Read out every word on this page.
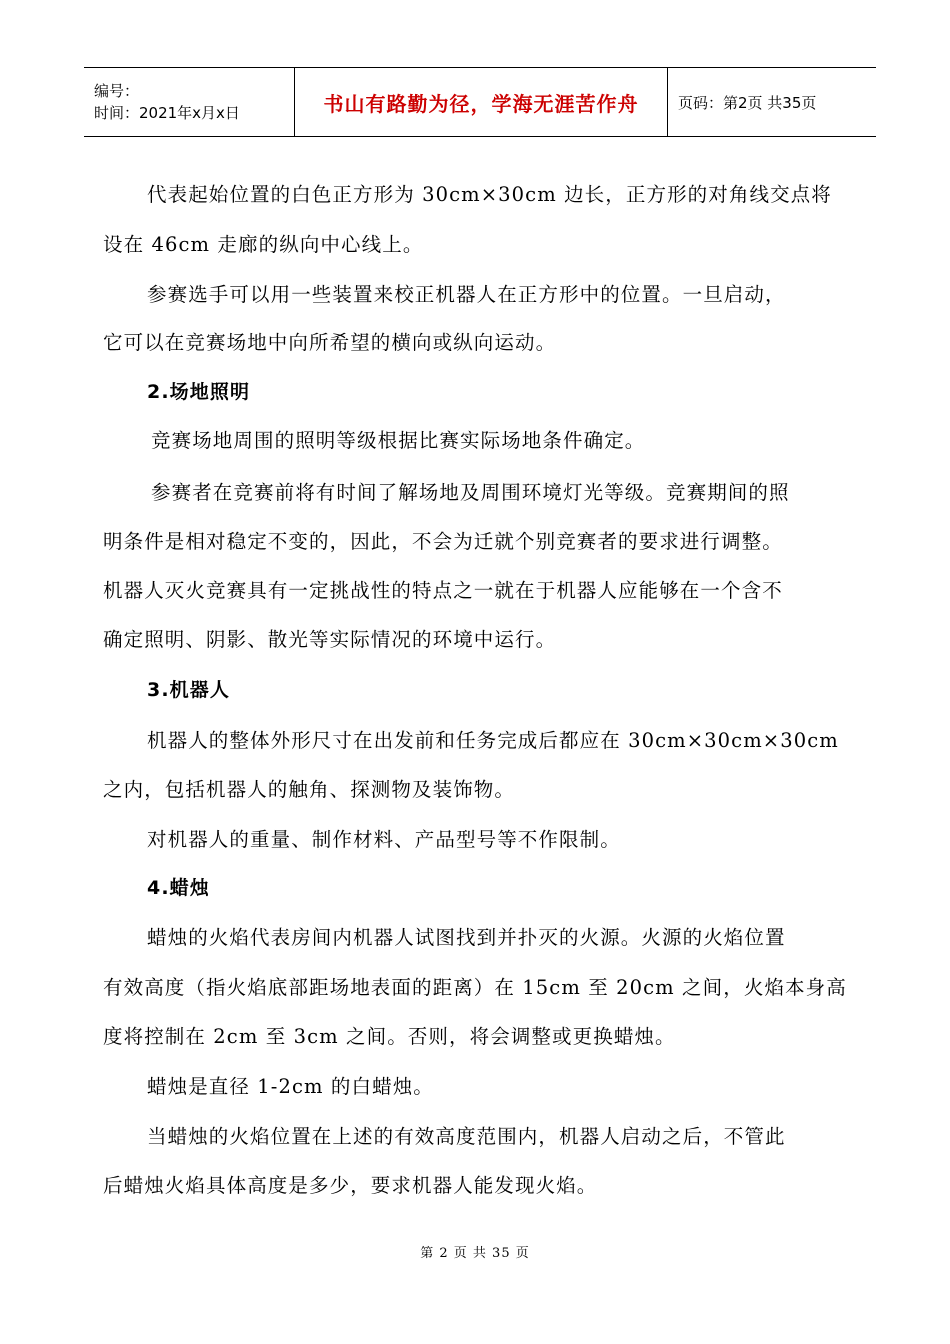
编号：
时间：2021年x月x日	书山有路勤为径，学海无涯苦作舟	页码：第2页 共35页
代表起始位置的白色正方形为 30cm×30cm 边长，正方形的对角线交点将
设在 46cm 走廊的纵向中心线上。
参赛选手可以用一些装置来校正机器人在正方形中的位置。一旦启动，
它可以在竞赛场地中向所希望的横向或纵向运动。
2.场地照明
竞赛场地周围的照明等级根据比赛实际场地条件确定。
参赛者在竞赛前将有时间了解场地及周围环境灯光等级。竞赛期间的照
明条件是相对稳定不变的，因此，不会为迁就个别竞赛者的要求进行调整。
机器人灭火竞赛具有一定挑战性的特点之一就在于机器人应能够在一个含不
确定照明、阴影、散光等实际情况的环境中运行。
3.机器人
机器人的整体外形尺寸在出发前和任务完成后都应在 30cm×30cm×30cm
之内，包括机器人的触角、探测物及装饰物。
对机器人的重量、制作材料、产品型号等不作限制。
4.蜡烛
蜡烛的火焰代表房间内机器人试图找到并扑灭的火源。火源的火焰位置
有效高度（指火焰底部距场地表面的距离）在 15cm 至 20cm 之间，火焰本身高
度将控制在 2cm 至 3cm 之间。否则，将会调整或更换蜡烛。
蜡烛是直径 1-2cm 的白蜡烛。
当蜡烛的火焰位置在上述的有效高度范围内，机器人启动之后，不管此
后蜡烛火焰具体高度是多少，要求机器人能发现火焰。
第 2 页 共 35 页
